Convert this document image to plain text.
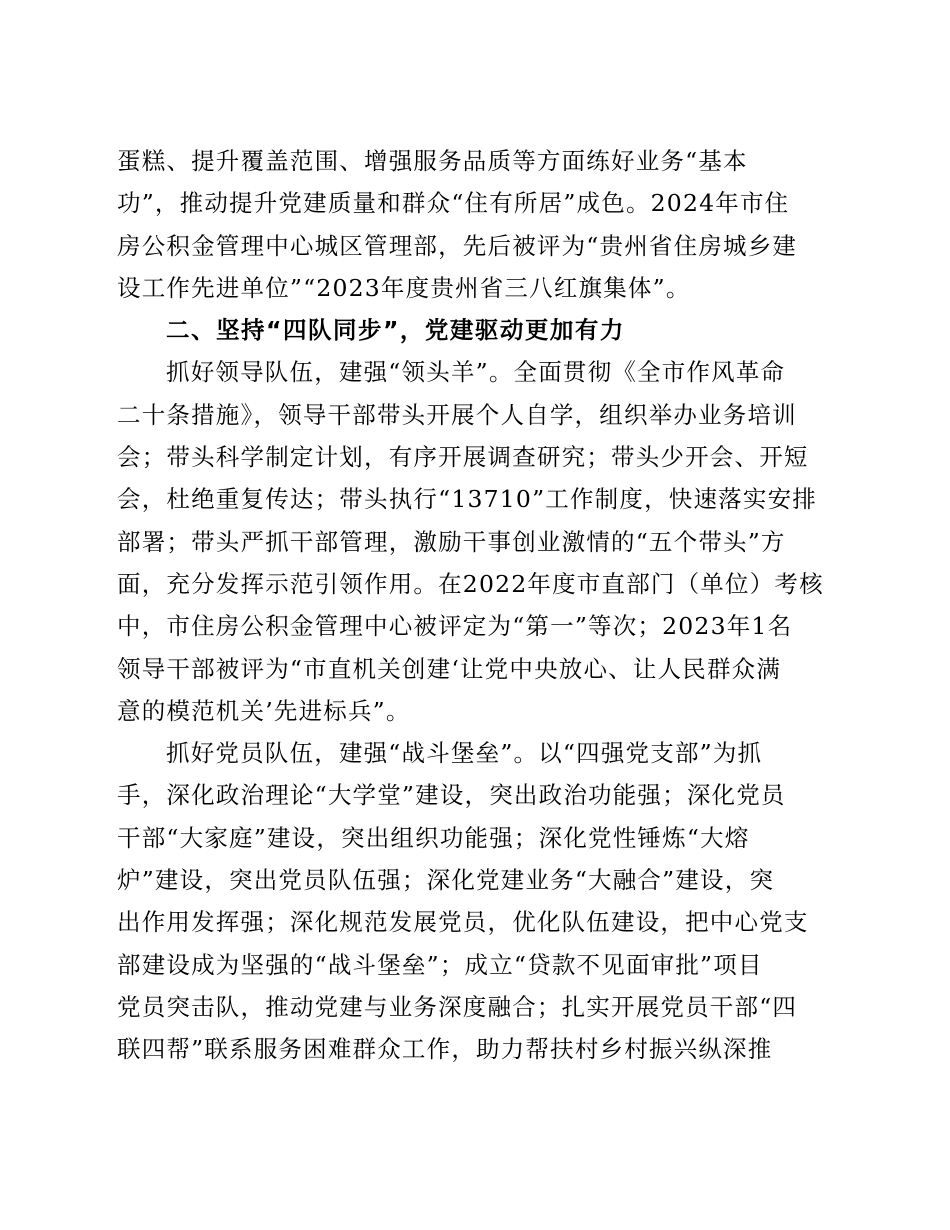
蛋糕、提升覆盖范围、增强服务品质等方面练好业务“基本
功”，推动提升党建质量和群众“住有所居”成色。2024年市住
房公积金管理中心城区管理部，先后被评为“贵州省住房城乡建
设工作先进单位”“2023年度贵州省三八红旗集体”。
二、坚持“四队同步”，党建驱动更加有力
抓好领导队伍，建强“领头羊”。全面贯彻《全市作风革命
二十条措施》，领导干部带头开展个人自学，组织举办业务培训
会；带头科学制定计划，有序开展调查研究；带头少开会、开短
会，杜绝重复传达；带头执行“13710”工作制度，快速落实安排
部署；带头严抓干部管理，激励干事创业激情的“五个带头”方
面，充分发挥示范引领作用。在2022年度市直部门（单位）考核
中，市住房公积金管理中心被评定为“第一”等次；2023年1名
领导干部被评为“市直机关创建‘让党中央放心、让人民群众满
意的模范机关’先进标兵”。
抓好党员队伍，建强“战斗堡垒”。以“四强党支部”为抓
手，深化政治理论“大学堂”建设，突出政治功能强；深化党员
干部“大家庭”建设，突出组织功能强；深化党性锤炼“大熔
炉”建设，突出党员队伍强；深化党建业务“大融合”建设，突
出作用发挥强；深化规范发展党员，优化队伍建设，把中心党支
部建设成为坚强的“战斗堡垒”；成立“贷款不见面审批”项目
党员突击队，推动党建与业务深度融合；扎实开展党员干部“四
联四帮”联系服务困难群众工作，助力帮扶村乡村振兴纵深推
